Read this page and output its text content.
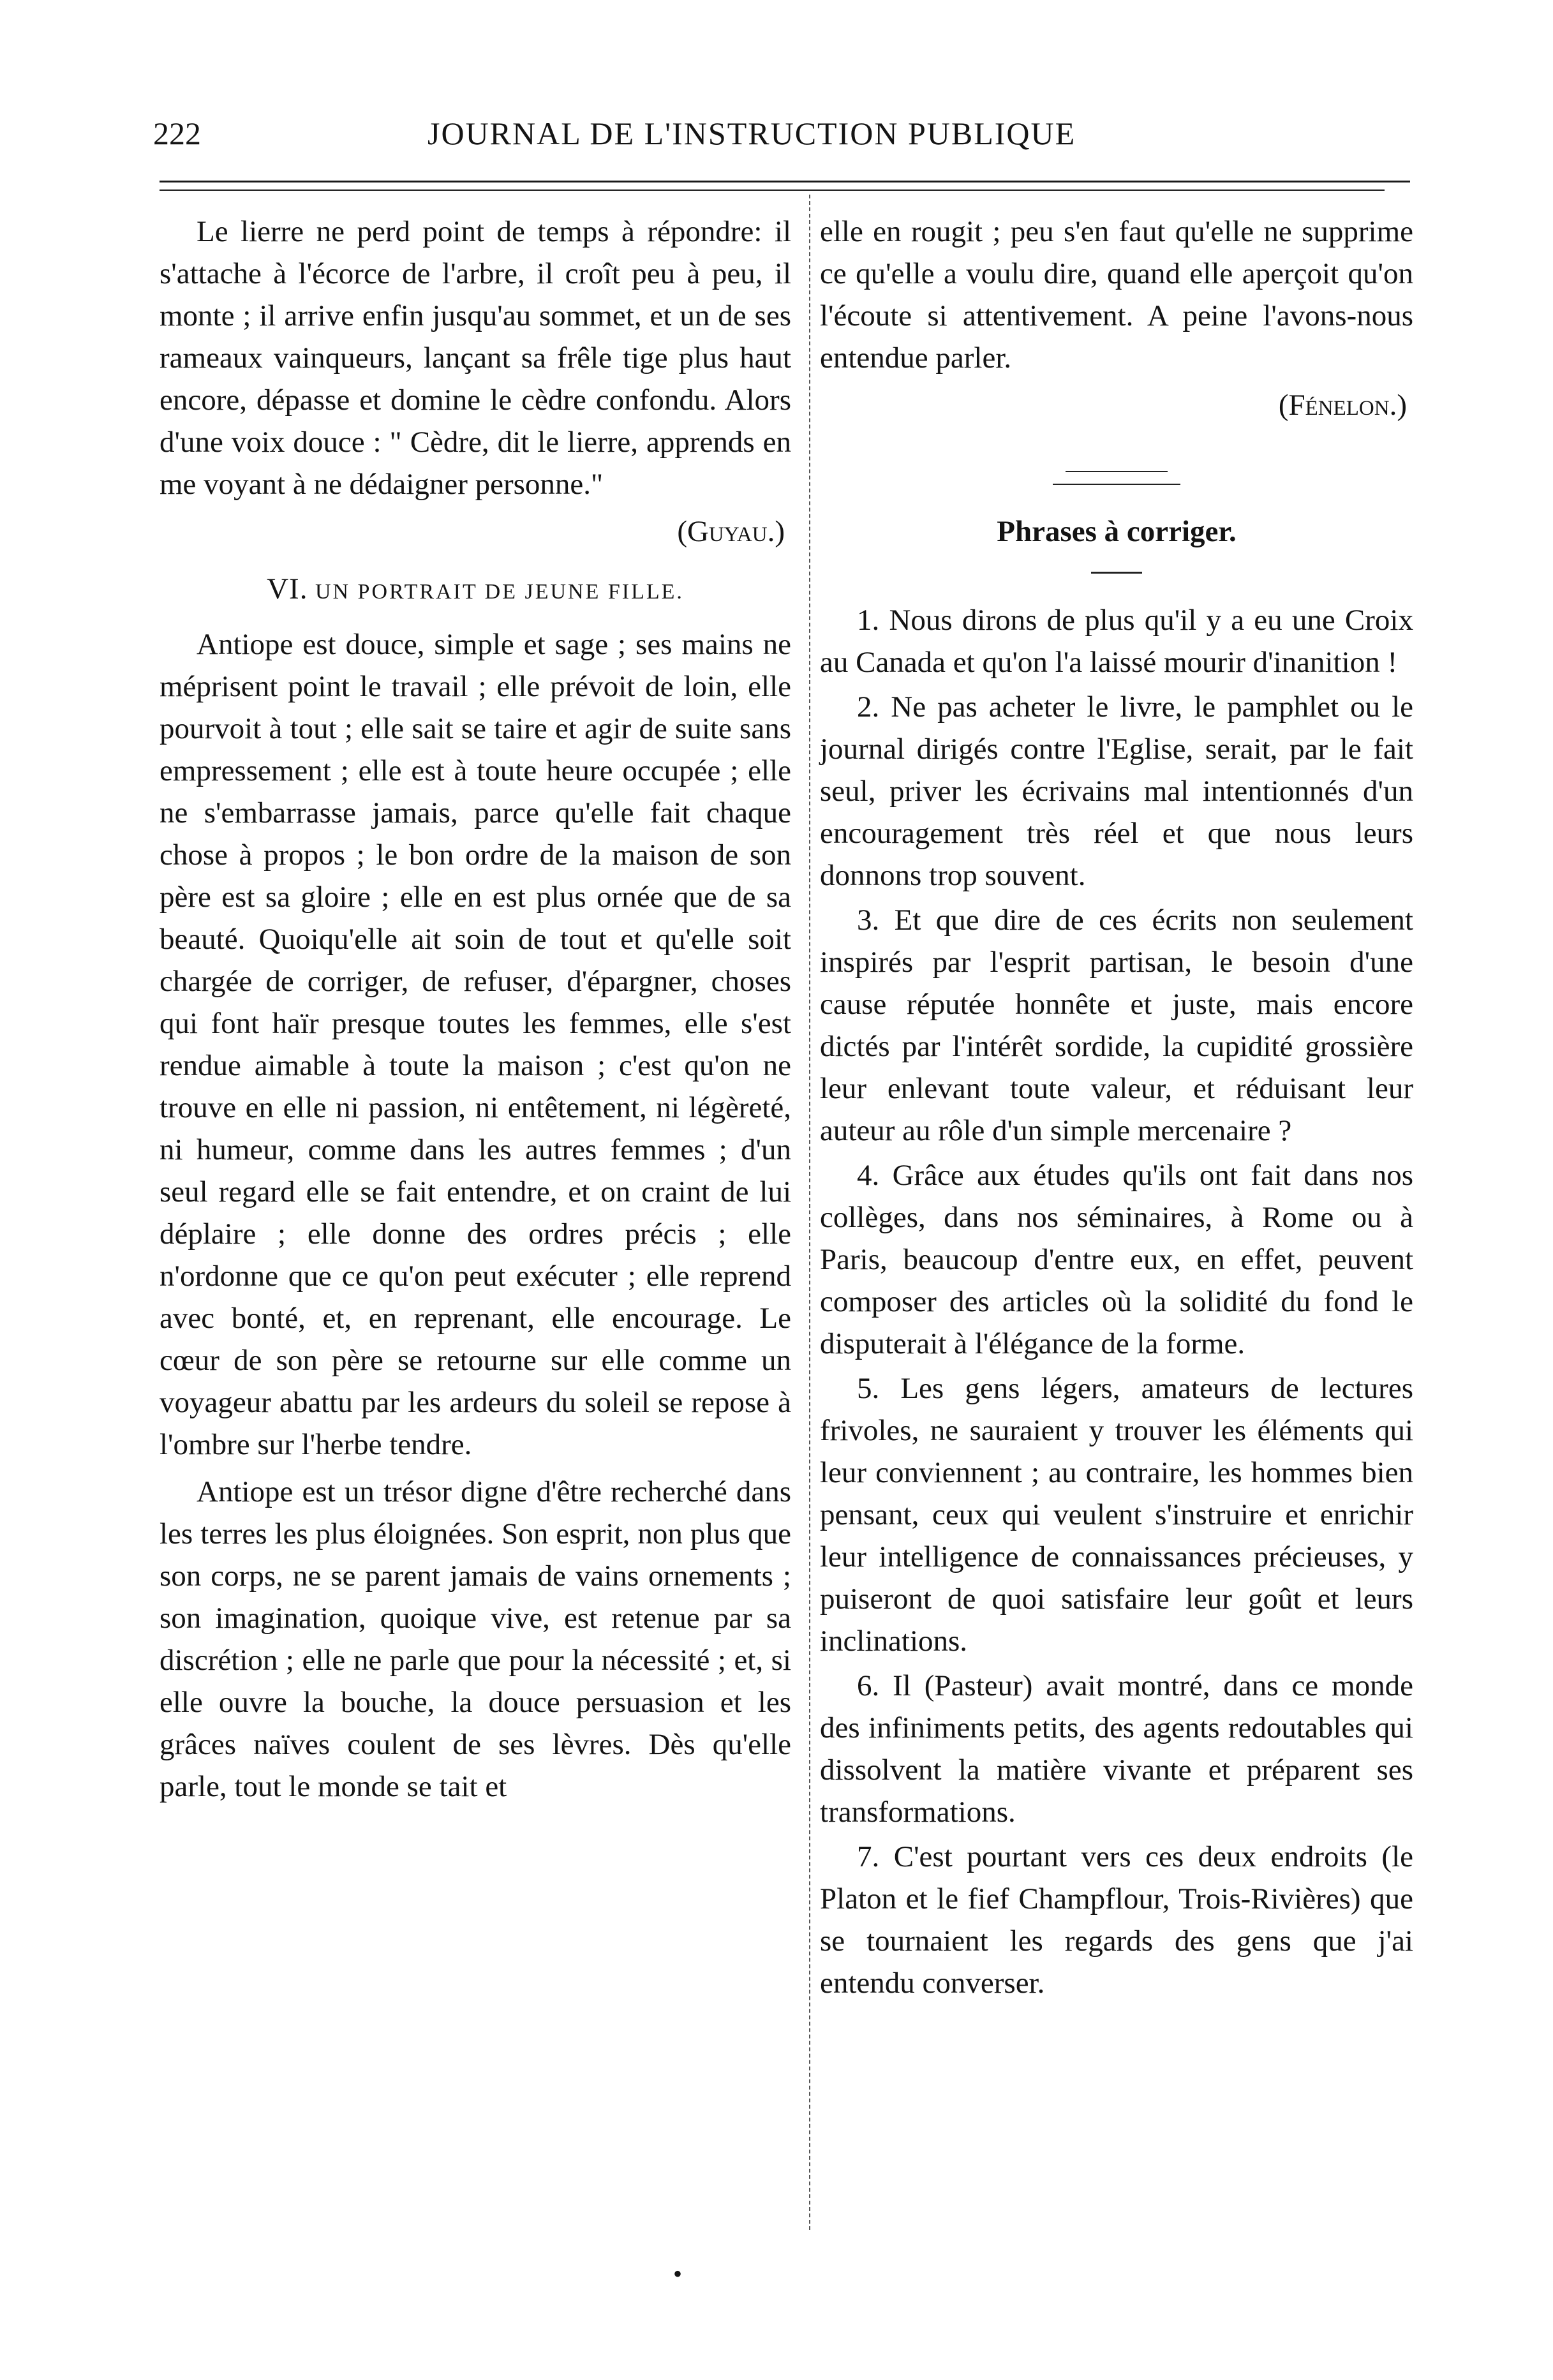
222	JOURNAL DE L'INSTRUCTION PUBLIQUE

Le lierre ne perd point de temps à répondre: il s'attache à l'écorce de l'arbre, il croît peu à peu, il monte ; il arrive enfin jusqu'au sommet, et un de ses rameaux vainqueurs, lançant sa frêle tige plus haut encore, dépasse et domine le cèdre confondu. Alors d'une voix douce : " Cèdre, dit le lierre, apprends en me voyant à ne dédaigner personne."

(Guyau.)
VI. UN PORTRAIT DE JEUNE FILLE.

Antiope est douce, simple et sage ; ses mains ne méprisent point le travail ; elle prévoit de loin, elle pourvoit à tout ; elle sait se taire et agir de suite sans empressement ; elle est à toute heure occupée ; elle ne s'embarrasse jamais, parce qu'elle fait chaque chose à propos ; le bon ordre de la maison de son père est sa gloire ; elle en est plus ornée que de sa beauté. Quoiqu'elle ait soin de tout et qu'elle soit chargée de corriger, de refuser, d'épargner, choses qui font haïr presque toutes les femmes, elle s'est rendue aimable à toute la maison ; c'est qu'on ne trouve en elle ni passion, ni entêtement, ni légèreté, ni humeur, comme dans les autres femmes ; d'un seul regard elle se fait entendre, et on craint de lui déplaire ; elle donne des ordres précis ; elle n'ordonne que ce qu'on peut exécuter ; elle reprend avec bonté, et, en reprenant, elle encourage. Le cœur de son père se retourne sur elle comme un voyageur abattu par les ardeurs du soleil se repose à l'ombre sur l'herbe tendre.

Antiope est un trésor digne d'être recherché dans les terres les plus éloignées. Son esprit, non plus que son corps, ne se parent jamais de vains ornements ; son imagination, quoique vive, est retenue par sa discrétion ; elle ne parle que pour la nécessité ; et, si elle ouvre la bouche, la douce persuasion et les grâces naïves coulent de ses lèvres. Dès qu'elle parle, tout le monde se tait et

elle en rougit ; peu s'en faut qu'elle ne supprime ce qu'elle a voulu dire, quand elle aperçoit qu'on l'écoute si attentivement. A peine l'avons-nous entendue parler.

(Fénelon.)
Phrases à corriger.

1. Nous dirons de plus qu'il y a eu une Croix au Canada et qu'on l'a laissé mourir d'inanition !

2. Ne pas acheter le livre, le pamphlet ou le journal dirigés contre l'Eglise, serait, par le fait seul, priver les écrivains mal intentionnés d'un encouragement très réel et que nous leurs donnons trop souvent.

3. Et que dire de ces écrits non seulement inspirés par l'esprit partisan, le besoin d'une cause réputée honnête et juste, mais encore dictés par l'intérêt sordide, la cupidité grossière leur enlevant toute valeur, et réduisant leur auteur au rôle d'un simple mercenaire ?

4. Grâce aux études qu'ils ont fait dans nos collèges, dans nos séminaires, à Rome ou à Paris, beaucoup d'entre eux, en effet, peuvent composer des articles où la solidité du fond le disputerait à l'élégance de la forme.

5. Les gens légers, amateurs de lectures frivoles, ne sauraient y trouver les éléments qui leur conviennent ; au contraire, les hommes bien pensant, ceux qui veulent s'instruire et enrichir leur intelligence de connaissances précieuses, y puiseront de quoi satisfaire leur goût et leurs inclinations.

6. Il (Pasteur) avait montré, dans ce monde des infiniments petits, des agents redoutables qui dissolvent la matière vivante et préparent ses transformations.

7. C'est pourtant vers ces deux endroits (le Platon et le fief Champflour, Trois-Rivières) que se tournaient les regards des gens que j'ai entendu converser.

•
